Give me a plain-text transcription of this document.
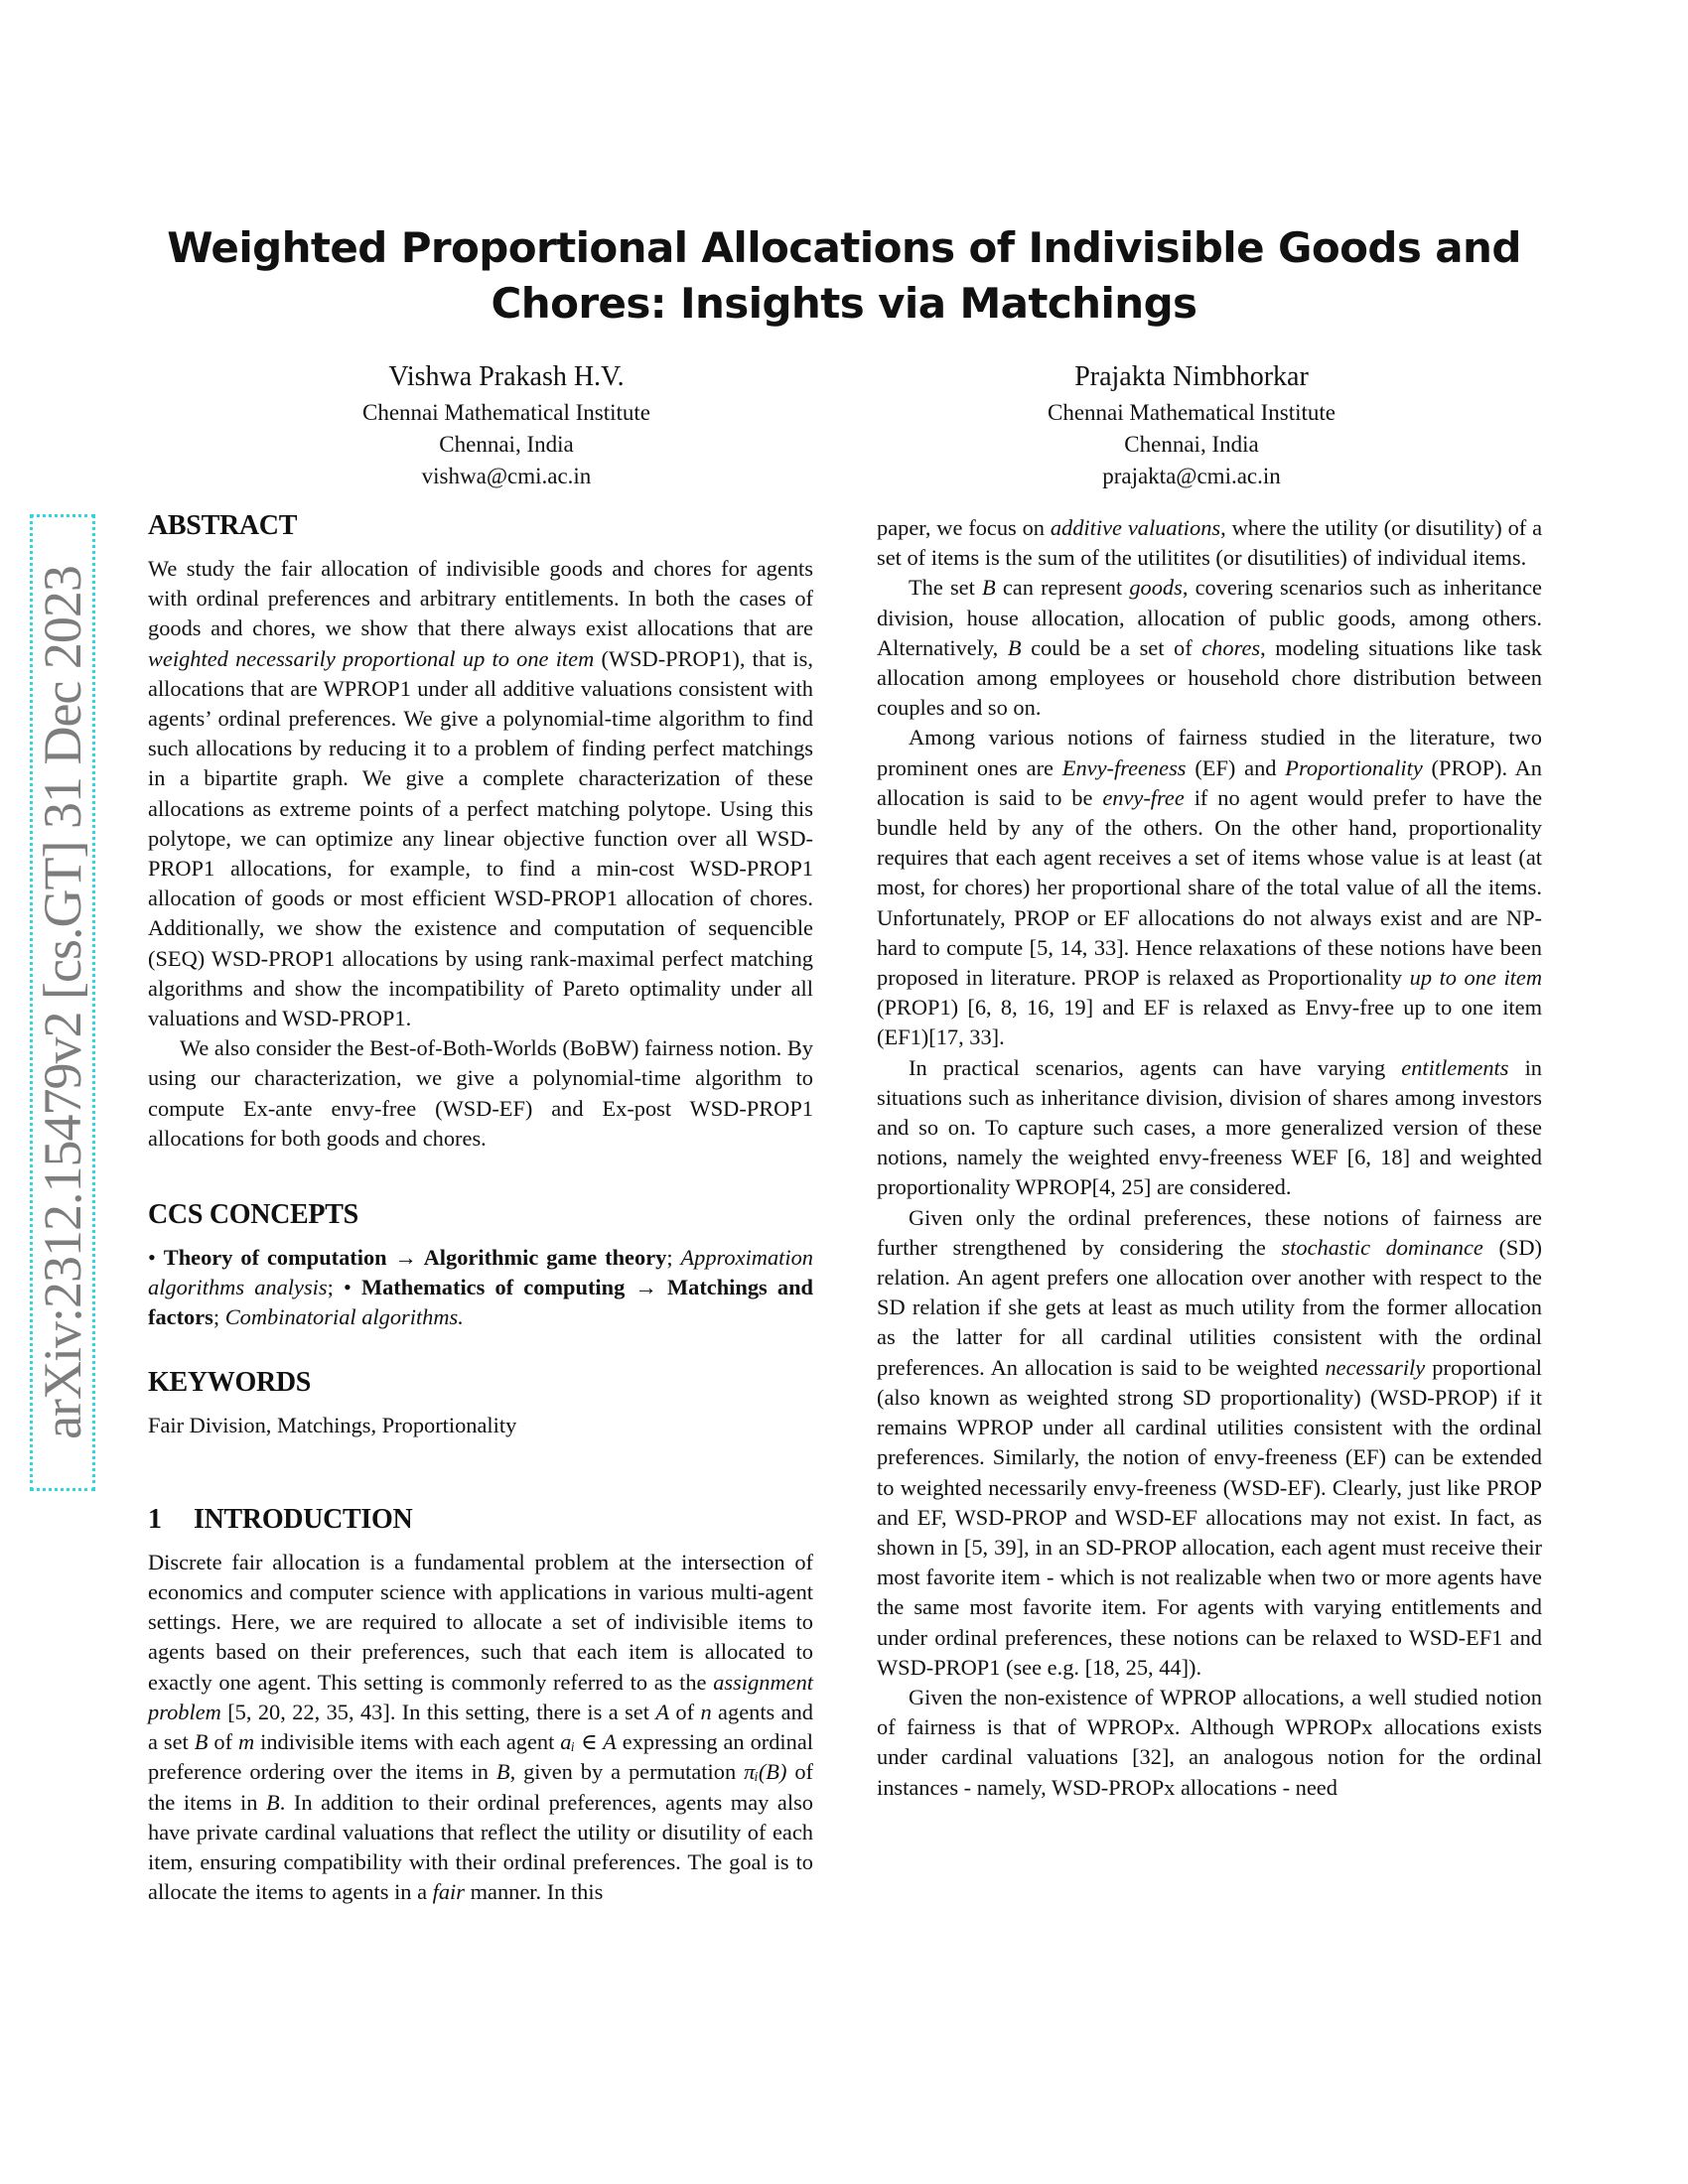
arXiv:2312.15479v2 [cs.GT] 31 Dec 2023
Weighted Proportional Allocations of Indivisible Goods and
Chores: Insights via Matchings
Vishwa Prakash H.V.
Chennai Mathematical Institute
Chennai, India
vishwa@cmi.ac.in
Prajakta Nimbhorkar
Chennai Mathematical Institute
Chennai, India
prajakta@cmi.ac.in
ABSTRACT

We study the fair allocation of indivisible goods and chores for agents with ordinal preferences and arbitrary entitlements. In both the cases of goods and chores, we show that there always exist allocations that are weighted necessarily proportional up to one item (WSD-PROP1), that is, allocations that are WPROP1 under all additive valuations consistent with agents’ ordinal preferences. We give a polynomial-time algorithm to find such allocations by reducing it to a problem of finding perfect matchings in a bipartite graph. We give a complete characterization of these allocations as extreme points of a perfect matching polytope. Using this polytope, we can optimize any linear objective function over all WSD-PROP1 allocations, for example, to find a min-cost WSD-PROP1 allocation of goods or most efficient WSD-PROP1 allocation of chores. Additionally, we show the existence and computation of sequencible (SEQ) WSD-PROP1 allocations by using rank-maximal perfect matching algorithms and show the incompatibility of Pareto optimality under all valuations and WSD-PROP1.

We also consider the Best-of-Both-Worlds (BoBW) fairness notion. By using our characterization, we give a polynomial-time algorithm to compute Ex-ante envy-free (WSD-EF) and Ex-post WSD-PROP1 allocations for both goods and chores.

CCS CONCEPTS

• Theory of computation → Algorithmic game theory; Approximation algorithms analysis; • Mathematics of computing → Matchings and factors; Combinatorial algorithms.

KEYWORDS

Fair Division, Matchings, Proportionality

1 INTRODUCTION

Discrete fair allocation is a fundamental problem at the intersection of economics and computer science with applications in various multi-agent settings. Here, we are required to allocate a set of indivisible items to agents based on their preferences, such that each item is allocated to exactly one agent. This setting is commonly referred to as the assignment problem [5, 20, 22, 35, 43]. In this setting, there is a set A of n agents and a set B of m indivisible items with each agent aᵢ ∈ A expressing an ordinal preference ordering over the items in B, given by a permutation πᵢ(B) of the items in B. In addition to their ordinal preferences, agents may also have private cardinal valuations that reflect the utility or disutility of each item, ensuring compatibility with their ordinal preferences. The goal is to allocate the items to agents in a fair manner. In this

paper, we focus on additive valuations, where the utility (or disutility) of a set of items is the sum of the utilitites (or disutilities) of individual items.

The set B can represent goods, covering scenarios such as inheritance division, house allocation, allocation of public goods, among others. Alternatively, B could be a set of chores, modeling situations like task allocation among employees or household chore distribution between couples and so on.

Among various notions of fairness studied in the literature, two prominent ones are Envy-freeness (EF) and Proportionality (PROP). An allocation is said to be envy-free if no agent would prefer to have the bundle held by any of the others. On the other hand, proportionality requires that each agent receives a set of items whose value is at least (at most, for chores) her proportional share of the total value of all the items. Unfortunately, PROP or EF allocations do not always exist and are NP-hard to compute [5, 14, 33]. Hence relaxations of these notions have been proposed in literature. PROP is relaxed as Proportionality up to one item (PROP1) [6, 8, 16, 19] and EF is relaxed as Envy-free up to one item (EF1)[17, 33].

In practical scenarios, agents can have varying entitlements in situations such as inheritance division, division of shares among investors and so on. To capture such cases, a more generalized version of these notions, namely the weighted envy-freeness WEF [6, 18] and weighted proportionality WPROP[4, 25] are considered.

Given only the ordinal preferences, these notions of fairness are further strengthened by considering the stochastic dominance (SD) relation. An agent prefers one allocation over another with respect to the SD relation if she gets at least as much utility from the former allocation as the latter for all cardinal utilities consistent with the ordinal preferences. An allocation is said to be weighted necessarily proportional (also known as weighted strong SD proportionality) (WSD-PROP) if it remains WPROP under all cardinal utilities consistent with the ordinal preferences. Similarly, the notion of envy-freeness (EF) can be extended to weighted necessarily envy-freeness (WSD-EF). Clearly, just like PROP and EF, WSD-PROP and WSD-EF allocations may not exist. In fact, as shown in [5, 39], in an SD-PROP allocation, each agent must receive their most favorite item - which is not realizable when two or more agents have the same most favorite item. For agents with varying entitlements and under ordinal preferences, these notions can be relaxed to WSD-EF1 and WSD-PROP1 (see e.g. [18, 25, 44]).

Given the non-existence of WPROP allocations, a well studied notion of fairness is that of WPROPx. Although WPROPx allocations exists under cardinal valuations [32], an analogous notion for the ordinal instances - namely, WSD-PROPx allocations - need
